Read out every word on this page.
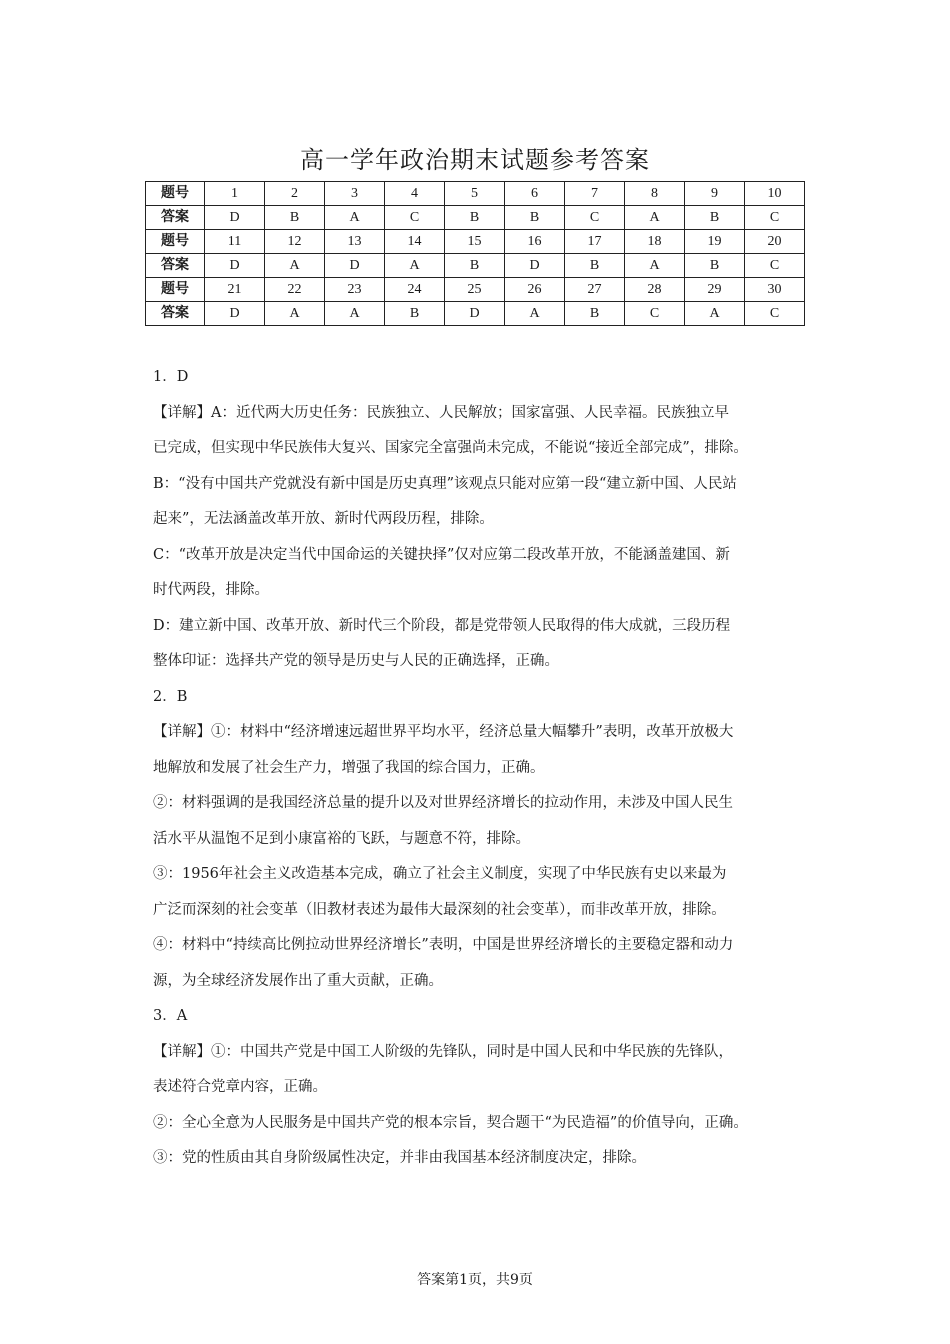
高一学年政治期末试题参考答案
题号	1	2	3	4	5	6	7	8	9	10
答案	D	B	A	C	B	B	C	A	B	C
题号	11	12	13	14	15	16	17	18	19	20
答案	D	A	D	A	B	D	B	A	B	C
题号	21	22	23	24	25	26	27	28	29	30
答案	D	A	A	B	D	A	B	C	A	C

1．D

【详解】A：近代两大历史任务：民族独立、人民解放；国家富强、人民幸福。民族独立早

已完成，但实现中华民族伟大复兴、国家完全富强尚未完成，不能说“接近全部完成”，排除。

B：“没有中国共产党就没有新中国是历史真理”该观点只能对应第一段“建立新中国、人民站

起来”，无法涵盖改革开放、新时代两段历程，排除。

C：“改革开放是决定当代中国命运的关键抉择”仅对应第二段改革开放，不能涵盖建国、新

时代两段，排除。

D：建立新中国、改革开放、新时代三个阶段，都是党带领人民取得的伟大成就，三段历程

整体印证：选择共产党的领导是历史与人民的正确选择，正确。

2．B

【详解】①：材料中“经济增速远超世界平均水平，经济总量大幅攀升”表明，改革开放极大

地解放和发展了社会生产力，增强了我国的综合国力，正确。

②：材料强调的是我国经济总量的提升以及对世界经济增长的拉动作用，未涉及中国人民生

活水平从温饱不足到小康富裕的飞跃，与题意不符，排除。

③：1956年社会主义改造基本完成，确立了社会主义制度，实现了中华民族有史以来最为

广泛而深刻的社会变革（旧教材表述为最伟大最深刻的社会变革），而非改革开放，排除。

④：材料中“持续高比例拉动世界经济增长”表明，中国是世界经济增长的主要稳定器和动力

源，为全球经济发展作出了重大贡献，正确。

3．A

【详解】①：中国共产党是中国工人阶级的先锋队，同时是中国人民和中华民族的先锋队，

表述符合党章内容，正确。

②：全心全意为人民服务是中国共产党的根本宗旨，契合题干“为民造福”的价值导向，正确。

③：党的性质由其自身阶级属性决定，并非由我国基本经济制度决定，排除。

答案第1页，共9页
